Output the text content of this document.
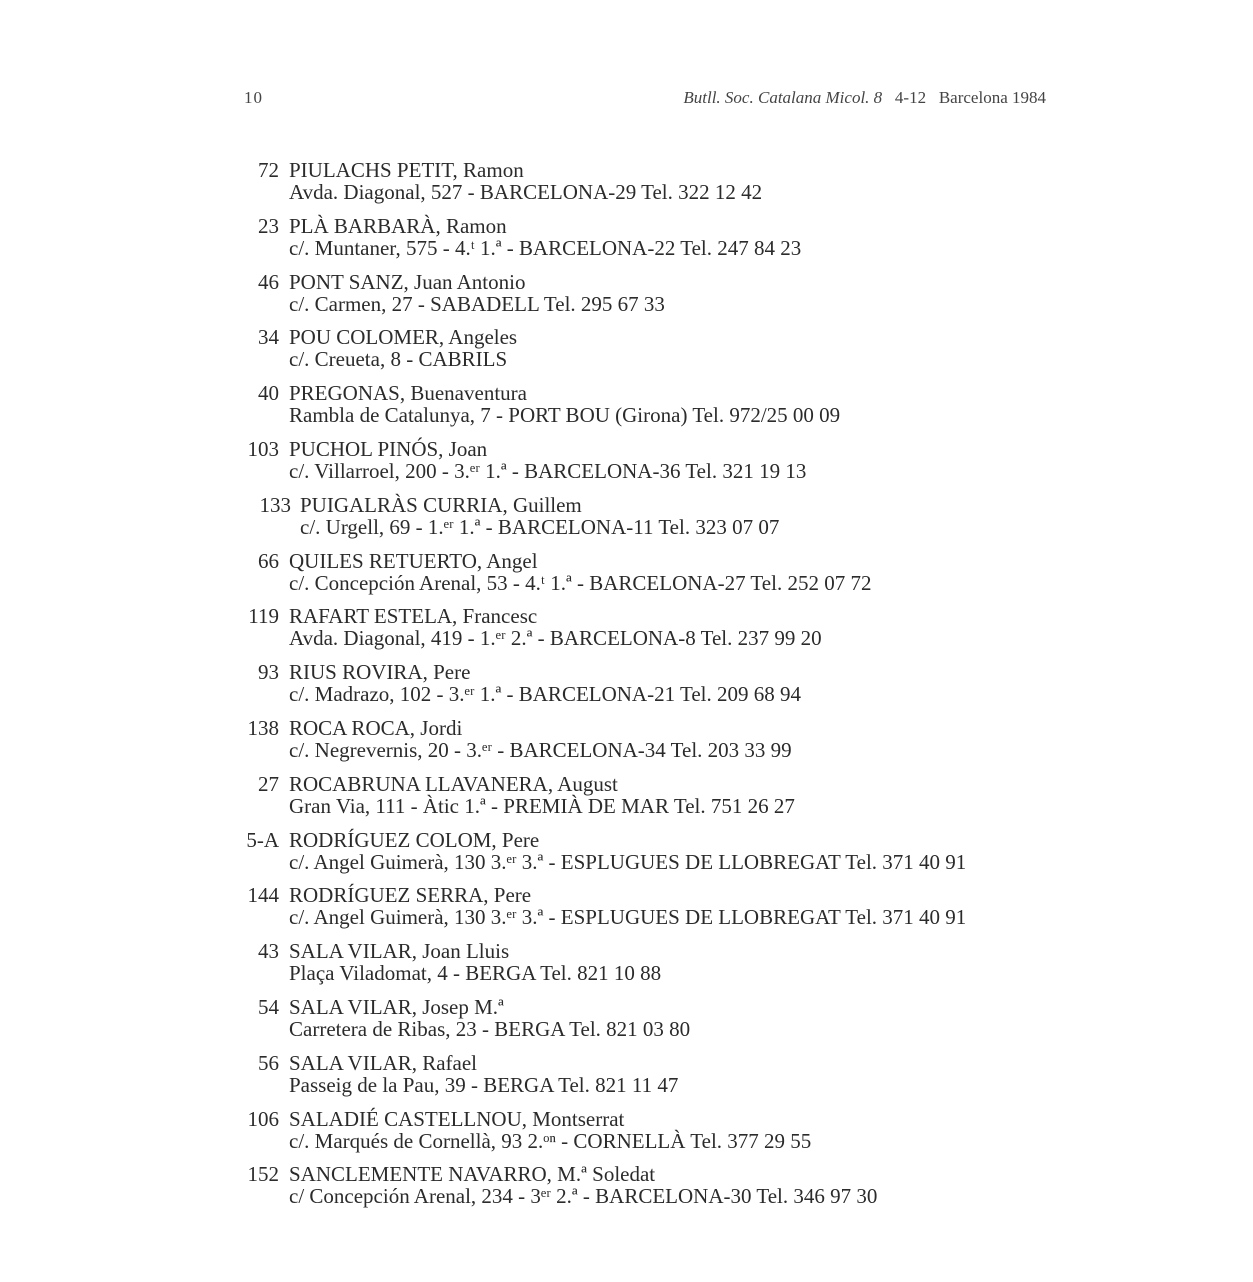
10	Butll. Soc. Catalana Micol. 8 4-12 Barcelona 1984
72 PIULACHS PETIT, Ramon
Avda. Diagonal, 527 - BARCELONA-29 Tel. 322 12 42
23 PLÀ BARBARÀ, Ramon
c/. Muntaner, 575 - 4.ᵗ 1.ª - BARCELONA-22 Tel. 247 84 23
46 PONT SANZ, Juan Antonio
c/. Carmen, 27 - SABADELL Tel. 295 67 33
34 POU COLOMER, Angeles
c/. Creueta, 8 - CABRILS
40 PREGONAS, Buenaventura
Rambla de Catalunya, 7 - PORT BOU (Girona) Tel. 972/25 00 09
103 PUCHOL PINÓS, Joan
c/. Villarroel, 200 - 3.ᵉʳ 1.ª - BARCELONA-36 Tel. 321 19 13
133 PUIGALRÀS CURRIA, Guillem
c/. Urgell, 69 - 1.ᵉʳ 1.ª - BARCELONA-11 Tel. 323 07 07
66 QUILES RETUERTO, Angel
c/. Concepción Arenal, 53 - 4.ᵗ 1.ª - BARCELONA-27 Tel. 252 07 72
119 RAFART ESTELA, Francesc
Avda. Diagonal, 419 - 1.ᵉʳ 2.ª - BARCELONA-8 Tel. 237 99 20
93 RIUS ROVIRA, Pere
c/. Madrazo, 102 - 3.ᵉʳ 1.ª - BARCELONA-21 Tel. 209 68 94
138 ROCA ROCA, Jordi
c/. Negrevernis, 20 - 3.ᵉʳ - BARCELONA-34 Tel. 203 33 99
27 ROCABRUNA LLAVANERA, August
Gran Via, 111 - Àtic 1.ª - PREMIÀ DE MAR Tel. 751 26 27
5-A RODRÍGUEZ COLOM, Pere
c/. Angel Guimerà, 130 3.ᵉʳ 3.ª - ESPLUGUES DE LLOBREGAT Tel. 371 40 91
144 RODRÍGUEZ SERRA, Pere
c/. Angel Guimerà, 130 3.ᵉʳ 3.ª - ESPLUGUES DE LLOBREGAT Tel. 371 40 91
43 SALA VILAR, Joan Lluis
Plaça Viladomat, 4 - BERGA Tel. 821 10 88
54 SALA VILAR, Josep M.ª
Carretera de Ribas, 23 - BERGA Tel. 821 03 80
56 SALA VILAR, Rafael
Passeig de la Pau, 39 - BERGA Tel. 821 11 47
106 SALADIÉ CASTELLNOU, Montserrat
c/. Marqués de Cornellà, 93 2.ᵒⁿ - CORNELLÀ Tel. 377 29 55
152 SANCLEMENTE NAVARRO, M.ª Soledat
c/ Concepción Arenal, 234 - 3ᵉʳ 2.ª - BARCELONA-30 Tel. 346 97 30
